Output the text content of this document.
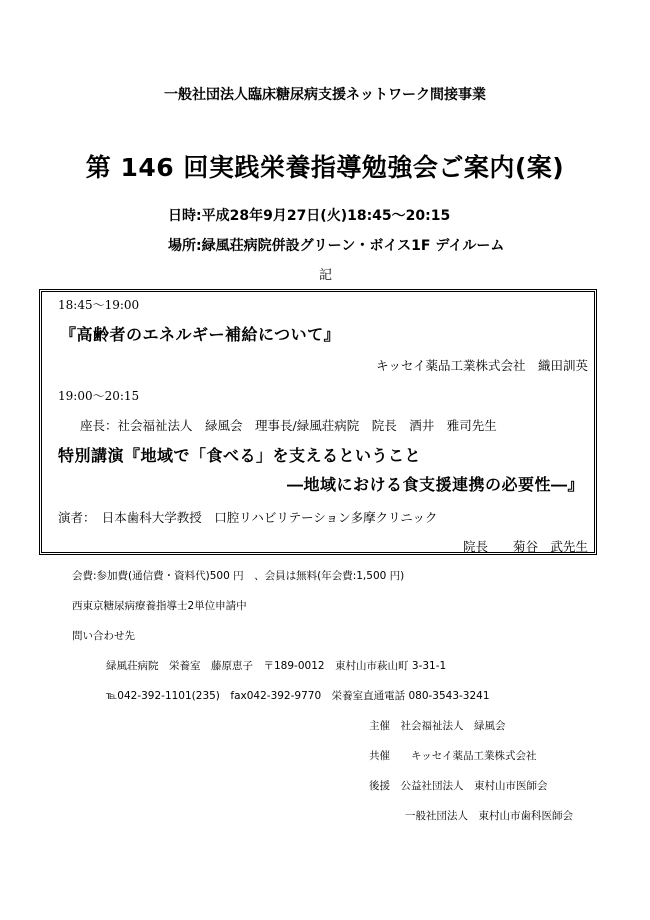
一般社団法人臨床糖尿病支援ネットワーク間接事業
第 146 回実践栄養指導勉強会ご案内(案)
日時:平成28年9月27日(火)18:45～20:15
場所:緑風荘病院併設グリーン・ボイス1F デイルーム
記
18:45～19:00
『高齢者のエネルギー補給について』
キッセイ薬品工業株式会社　織田訓英
19:00～20:15
座長：社会福祉法人　緑風会　理事長/緑風荘病院　院長　酒井　雅司先生
特別講演『地域で「食べる」を支えるということ
―地域における食支援連携の必要性―』
演者：　日本歯科大学教授　口腔リハビリテーション多摩クリニック
院長　　菊谷　武先生
会費:参加費(通信費・資料代)500 円　、会員は無料(年会費:1,500 円)
西東京糖尿病療養指導士2単位申請中
問い合わせ先
緑風荘病院　栄養室　藤原恵子　〒189-0012　東村山市萩山町 3-31-1
℡042-392-1101(235)　fax042-392-9770　栄養室直通電話 080-3543-3241
主催　社会福祉法人　緑風会
共催　　キッセイ薬品工業株式会社
後援　公益社団法人　東村山市医師会
一般社団法人　東村山市歯科医師会
